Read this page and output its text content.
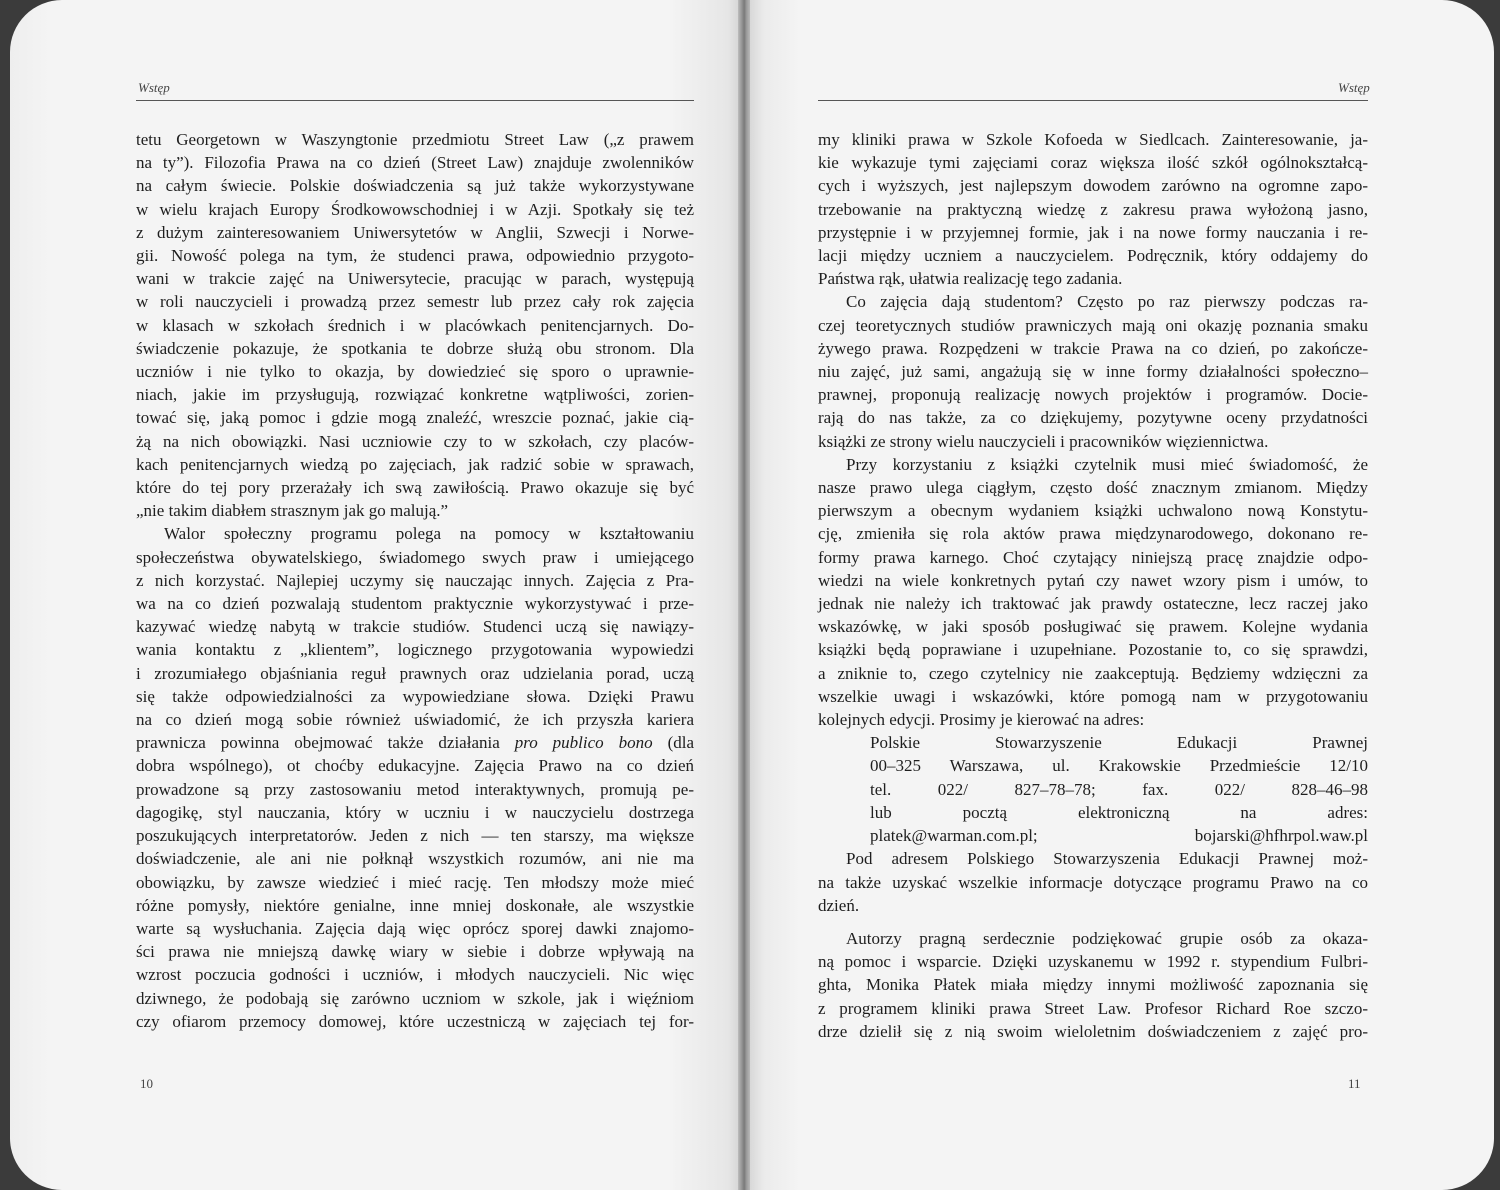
Wstęp

tetu Georgetown w Waszyngtonie przedmiotu Street Law („z prawem

na ty”). Filozofia Prawa na co dzień (Street Law) znajduje zwolenników

na całym świecie. Polskie doświadczenia są już także wykorzystywane

w wielu krajach Europy Środkowowschodniej i w Azji. Spotkały się też

z dużym zainteresowaniem Uniwersytetów w Anglii, Szwecji i Norwe-

gii. Nowość polega na tym, że studenci prawa, odpowiednio przygoto-

wani w trakcie zajęć na Uniwersytecie, pracując w parach, występują

w roli nauczycieli i prowadzą przez semestr lub przez cały rok zajęcia

w klasach w szkołach średnich i w placówkach penitencjarnych. Do-

świadczenie pokazuje, że spotkania te dobrze służą obu stronom. Dla

uczniów i nie tylko to okazja, by dowiedzieć się sporo o uprawnie-

niach, jakie im przysługują, rozwiązać konkretne wątpliwości, zorien-

tować się, jaką pomoc i gdzie mogą znaleźć, wreszcie poznać, jakie cią-

żą na nich obowiązki. Nasi uczniowie czy to w szkołach, czy placów-

kach penitencjarnych wiedzą po zajęciach, jak radzić sobie w sprawach,

które do tej pory przerażały ich swą zawiłością. Prawo okazuje się być

„nie takim diabłem strasznym jak go malują.”

Walor społeczny programu polega na pomocy w kształtowaniu

społeczeństwa obywatelskiego, świadomego swych praw i umiejącego

z nich korzystać. Najlepiej uczymy się nauczając innych. Zajęcia z Pra-

wa na co dzień pozwalają studentom praktycznie wykorzystywać i prze-

kazywać wiedzę nabytą w trakcie studiów. Studenci uczą się nawiązy-

wania kontaktu z „klientem”, logicznego przygotowania wypowiedzi

i zrozumiałego objaśniania reguł prawnych oraz udzielania porad, uczą

się także odpowiedzialności za wypowiedziane słowa. Dzięki Prawu

na co dzień mogą sobie również uświadomić, że ich przyszła kariera

prawnicza powinna obejmować także działania pro publico bono (dla

dobra wspólnego), ot choćby edukacyjne. Zajęcia Prawo na co dzień

prowadzone są przy zastosowaniu metod interaktywnych, promują pe-

dagogikę, styl nauczania, który w uczniu i w nauczycielu dostrzega

poszukujących interpretatorów. Jeden z nich — ten starszy, ma większe

doświadczenie, ale ani nie połknął wszystkich rozumów, ani nie ma

obowiązku, by zawsze wiedzieć i mieć rację. Ten młodszy może mieć

różne pomysły, niektóre genialne, inne mniej doskonałe, ale wszystkie

warte są wysłuchania. Zajęcia dają więc oprócz sporej dawki znajomo-

ści prawa nie mniejszą dawkę wiary w siebie i dobrze wpływają na

wzrost poczucia godności i uczniów, i młodych nauczycieli. Nic więc

dziwnego, że podobają się zarówno uczniom w szkole, jak i więźniom

czy ofiarom przemocy domowej, które uczestniczą w zajęciach tej for-

10
Wstęp

my kliniki prawa w Szkole Kofoeda w Siedlcach. Zainteresowanie, ja-

kie wykazuje tymi zajęciami coraz większa ilość szkół ogólnokształcą-

cych i wyższych, jest najlepszym dowodem zarówno na ogromne zapo-

trzebowanie na praktyczną wiedzę z zakresu prawa wyłożoną jasno,

przystępnie i w przyjemnej formie, jak i na nowe formy nauczania i re-

lacji między uczniem a nauczycielem. Podręcznik, który oddajemy do

Państwa rąk, ułatwia realizację tego zadania.

Co zajęcia dają studentom? Często po raz pierwszy podczas ra-

czej teoretycznych studiów prawniczych mają oni okazję poznania smaku

żywego prawa. Rozpędzeni w trakcie Prawa na co dzień, po zakończe-

niu zajęć, już sami, angażują się w inne formy działalności społeczno–

prawnej, proponują realizację nowych projektów i programów. Docie-

rają do nas także, za co dziękujemy, pozytywne oceny przydatności

książki ze strony wielu nauczycieli i pracowników więziennictwa.

Przy korzystaniu z książki czytelnik musi mieć świadomość, że

nasze prawo ulega ciągłym, często dość znacznym zmianom. Między

pierwszym a obecnym wydaniem książki uchwalono nową Konstytu-

cję, zmieniła się rola aktów prawa międzynarodowego, dokonano re-

formy prawa karnego. Choć czytający niniejszą pracę znajdzie odpo-

wiedzi na wiele konkretnych pytań czy nawet wzory pism i umów, to

jednak nie należy ich traktować jak prawdy ostateczne, lecz raczej jako

wskazówkę, w jaki sposób posługiwać się prawem. Kolejne wydania

książki będą poprawiane i uzupełniane. Pozostanie to, co się sprawdzi,

a zniknie to, czego czytelnicy nie zaakceptują. Będziemy wdzięczni za

wszelkie uwagi i wskazówki, które pomogą nam w przygotowaniu

kolejnych edycji. Prosimy je kierować na adres:

Polskie Stowarzyszenie Edukacji Prawnej

00–325 Warszawa, ul. Krakowskie Przedmieście 12/10

tel. 022/ 827–78–78; fax. 022/ 828–46–98

lub pocztą elektroniczną na adres:

platek@warman.com.pl; bojarski@hfhrpol.waw.pl

Pod adresem Polskiego Stowarzyszenia Edukacji Prawnej moż-

na także uzyskać wszelkie informacje dotyczące programu Prawo na co

dzień.

Autorzy pragną serdecznie podziękować grupie osób za okaza-

ną pomoc i wsparcie. Dzięki uzyskanemu w 1992 r. stypendium Fulbri-

ghta, Monika Płatek miała między innymi możliwość zapoznania się

z programem kliniki prawa Street Law. Profesor Richard Roe szczo-

drze dzielił się z nią swoim wieloletnim doświadczeniem z zajęć pro-

11
